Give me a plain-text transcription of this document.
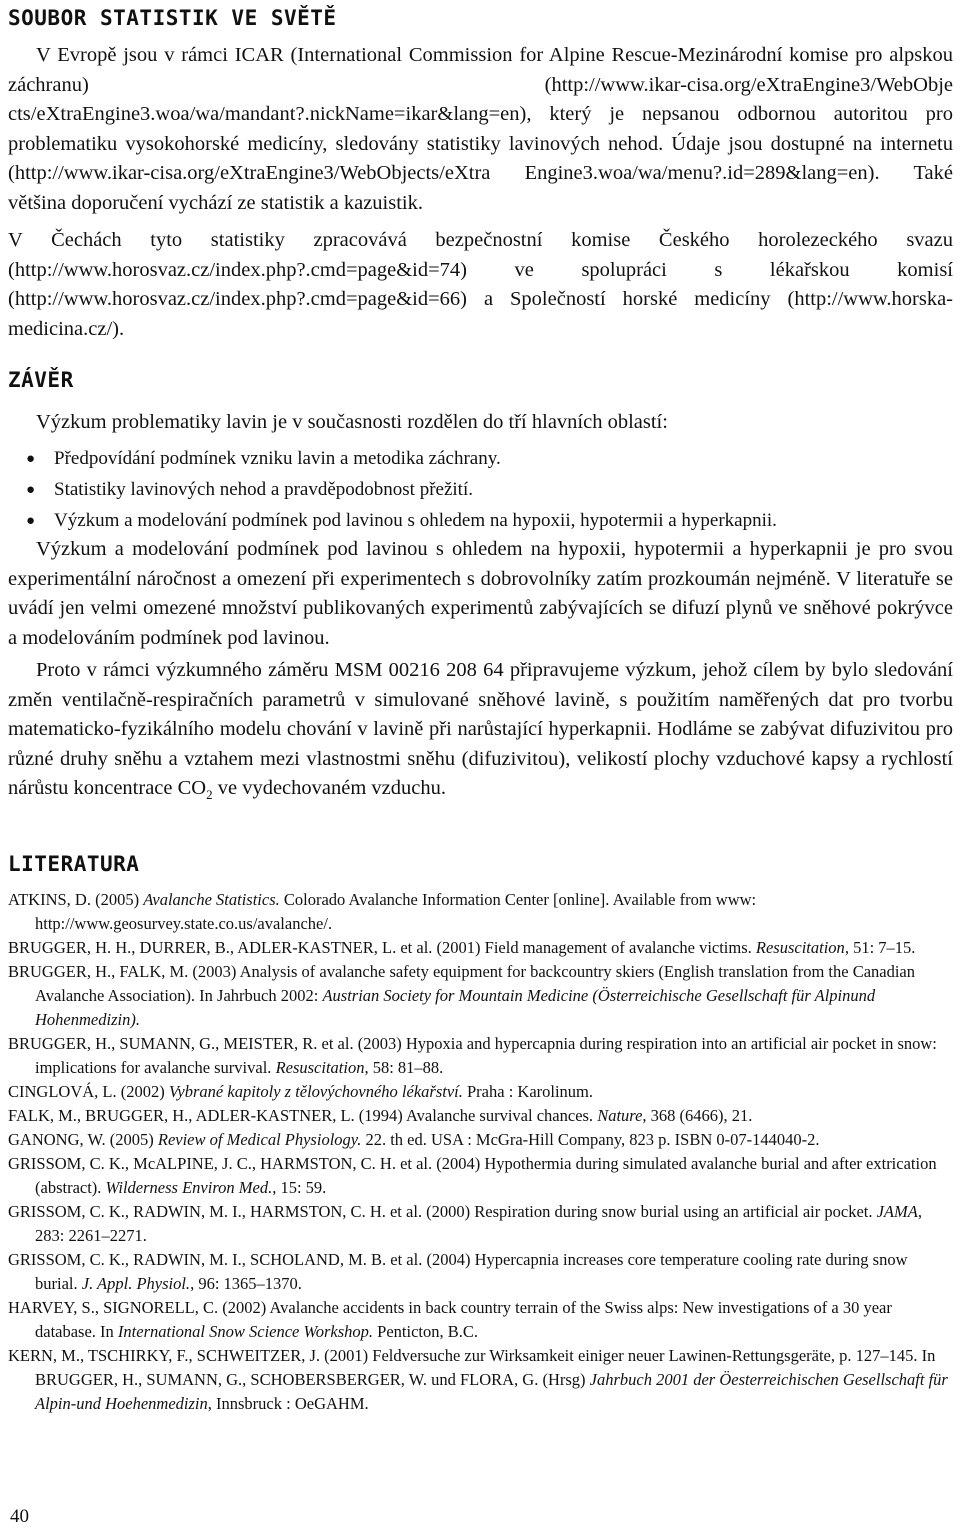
SOUBOR STATISTIK VE SVĚTĚ

V Evropě jsou v rámci ICAR (International Commission for Alpine Rescue-Mezinárodní komise pro alpskou záchranu) (http://www.ikar-cisa.org/eXtraEngine3/WebObje cts/eXtraEngine3.woa/wa/mandant?.nickName=ikar&lang=en), který je nepsanou odbornou autoritou pro problematiku vysokohorské medicíny, sledovány statistiky lavinových nehod. Údaje jsou dostupné na internetu (http://www.ikar-cisa.org/eXtraEngine3/WebObjects/eXtra Engine3.woa/wa/menu?.id=289&lang=en). Také většina doporučení vychází ze statistik a kazuistik.

V Čechách tyto statistiky zpracovává bezpečnostní komise Českého horolezeckého svazu (http://www.horosvaz.cz/index.php?.cmd=page&id=74) ve spolupráci s lékařskou komisí (http://www.horosvaz.cz/index.php?.cmd=page&id=66) a Společností horské medicíny (http://www.horska-medicina.cz/).

ZÁVĚR

Výzkum problematiky lavin je v současnosti rozdělen do tří hlavních oblastí:

● Předpovídání podmínek vzniku lavin a metodika záchrany.
● Statistiky lavinových nehod a pravděpodobnost přežití.
● Výzkum a modelování podmínek pod lavinou s ohledem na hypoxii, hypotermii a hyperkapnii.

Výzkum a modelování podmínek pod lavinou s ohledem na hypoxii, hypotermii a hyperkapnii je pro svou experimentální náročnost a omezení při experimentech s dobrovolníky zatím prozkoumán nejméně. V literatuře se uvádí jen velmi omezené množství publikovaných experimentů zabývajících se difuzí plynů ve sněhové pokrývce a modelováním podmínek pod lavinou.

Proto v rámci výzkumného záměru MSM 00216 208 64 připravujeme výzkum, jehož cílem by bylo sledování změn ventilačně-respiračních parametrů v simulované sněhové lavině, s použitím naměřených dat pro tvorbu matematicko-fyzikálního modelu chování v lavině při narůstající hyperkapnii. Hodláme se zabývat difuzivitou pro různé druhy sněhu a vztahem mezi vlastnostmi sněhu (difuzivitou), velikostí plochy vzduchové kapsy a rychlostí nárůstu koncentrace $CO_2$ ve vydechovaném vzduchu.

LITERATURA
ATKINS, D. (2005) Avalanche Statistics. Colorado Avalanche Information Center [online]. Available from www: http://www.geosurvey.state.co.us/avalanche/.
BRUGGER, H. H., DURRER, B., ADLER-KASTNER, L. et al. (2001) Field management of avalanche victims. Resuscitation, 51: 7–15.
BRUGGER, H., FALK, M. (2003) Analysis of avalanche safety equipment for backcountry skiers (English translation from the Canadian Avalanche Association). In Jahrbuch 2002: Austrian Society for Mountain Medicine (Österreichische Gesellschaft für Alpinund Hohenmedizin).
BRUGGER, H., SUMANN, G., MEISTER, R. et al. (2003) Hypoxia and hypercapnia during respiration into an artificial air pocket in snow: implications for avalanche survival. Resuscitation, 58: 81–88.
CINGLOVÁ, L. (2002) Vybrané kapitoly z tělovýchovného lékařství. Praha : Karolinum.
FALK, M., BRUGGER, H., ADLER-KASTNER, L. (1994) Avalanche survival chances. Nature, 368 (6466), 21.
GANONG, W. (2005) Review of Medical Physiology. 22. th ed. USA : McGra-Hill Company, 823 p. ISBN 0-07-144040-2.
GRISSOM, C. K., McALPINE, J. C., HARMSTON, C. H. et al. (2004) Hypothermia during simulated avalanche burial and after extrication (abstract). Wilderness Environ Med., 15: 59.
GRISSOM, C. K., RADWIN, M. I., HARMSTON, C. H. et al. (2000) Respiration during snow burial using an artificial air pocket. JAMA, 283: 2261–2271.
GRISSOM, C. K., RADWIN, M. I., SCHOLAND, M. B. et al. (2004) Hypercapnia increases core temperature cooling rate during snow burial. J. Appl. Physiol., 96: 1365–1370.
HARVEY, S., SIGNORELL, C. (2002) Avalanche accidents in back country terrain of the Swiss alps: New investigations of a 30 year database. In International Snow Science Workshop. Penticton, B.C.
KERN, M., TSCHIRKY, F., SCHWEITZER, J. (2001) Feldversuche zur Wirksamkeit einiger neuer Lawinen-Rettungsgeräte, p. 127–145. In BRUGGER, H., SUMANN, G., SCHOBERSBERGER, W. und FLORA, G. (Hrsg) Jahrbuch 2001 der Öesterreichischen Gesellschaft für Alpin-und Hoehenmedizin, Innsbruck : OeGAHM.
40
